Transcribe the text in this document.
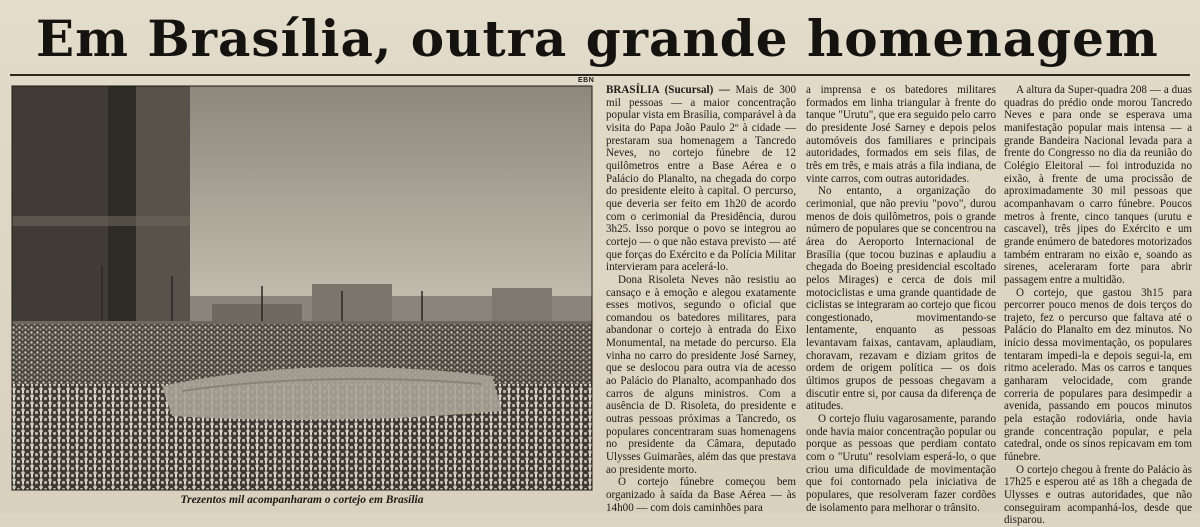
Em Brasília, outra grande homenagem
EBN
Trezentos mil acompanharam o cortejo em Brasília

BRASÍLIA (Sucursal) — Mais de 300 mil pessoas — a maior concentração popular vista em Brasília, comparável à da visita do Papa João Paulo 2º à cidade — prestaram sua homenagem a Tancredo Neves, no cortejo fúnebre de 12 quilômetros entre a Base Aérea e o Palácio do Planalto, na chegada do corpo do presidente eleito à capital. O percurso, que deveria ser feito em 1h20 de acordo com o cerimonial da Presidência, durou 3h25. Isso porque o povo se integrou ao cortejo — o que não estava previsto — até que forças do Exército e da Polícia Militar intervieram para acelerá-lo.

Dona Risoleta Neves não resistiu ao cansaço e à emoção e alegou exatamente esses motivos, segundo o oficial que comandou os batedores militares, para abandonar o cortejo à entrada do Eixo Monumental, na metade do percurso. Ela vinha no carro do presidente José Sarney, que se deslocou para outra via de acesso ao Palácio do Planalto, acompanhado dos carros de alguns ministros. Com a ausência de D. Risoleta, do presidente e outras pessoas próximas a Tancredo, os populares concentraram suas homenagens no presidente da Câmara, deputado Ulysses Guimarães, além das que prestava ao presidente morto.

O cortejo fúnebre começou bem organizado à saída da Base Aérea — às 14h00 — com dois caminhões para

a imprensa e os batedores militares formados em linha triangular à frente do tanque "Urutu", que era seguido pelo carro do presidente José Sarney e depois pelos automóveis dos familiares e principais autoridades, formados em seis filas, de três em três, e mais atrás a fila indiana, de vinte carros, com outras autoridades.

No entanto, a organização do cerimonial, que não previu "povo", durou menos de dois quilômetros, pois o grande número de populares que se concentrou na área do Aeroporto Internacional de Brasília (que tocou buzinas e aplaudiu a chegada do Boeing presidencial escoltado pelos Mirages) e cerca de dois mil motociclistas e uma grande quantidade de ciclistas se integraram ao cortejo que ficou congestionado, movimentando-se lentamente, enquanto as pessoas levantavam faixas, cantavam, aplaudiam, choravam, rezavam e diziam gritos de ordem de origem política — os dois últimos grupos de pessoas chegavam a discutir entre si, por causa da diferença de atitudes.

O cortejo fluiu vagarosamente, parando onde havia maior concentração popular ou porque as pessoas que perdiam contato com o "Urutu" resolviam esperá-lo, o que criou uma dificuldade de movimentação que foi contornado pela iniciativa de populares, que resolveram fazer cordões de isolamento para melhorar o trânsito.

A altura da Super-quadra 208 — a duas quadras do prédio onde morou Tancredo Neves e para onde se esperava uma manifestação popular mais intensa — a grande Bandeira Nacional levada para a frente do Congresso no dia da reunião do Colégio Eleitoral — foi introduzida no eixão, à frente de uma procissão de aproximadamente 30 mil pessoas que acompanhavam o carro fúnebre. Poucos metros à frente, cinco tanques (urutu e cascavel), três jipes do Exército e um grande enúmero de batedores motorizados também entraram no eixão e, soando as sirenes, aceleraram forte para abrir passagem entre a multidão.

O cortejo, que gastou 3h15 para percorrer pouco menos de dois terços do trajeto, fez o percurso que faltava até o Palácio do Planalto em dez minutos. No início dessa movimentação, os populares tentaram impedi-la e depois segui-la, em ritmo acelerado. Mas os carros e tanques ganharam velocidade, com grande correria de populares para desimpedir a avenida, passando em poucos minutos pela estação rodoviária, onde havia grande concentração popular, e pela catedral, onde os sinos repicavam em tom fúnebre.

O cortejo chegou à frente do Palácio às 17h25 e esperou até as 18h a chegada de Ulysses e outras autoridades, que não conseguiram acompanhá-los, desde que disparou.
